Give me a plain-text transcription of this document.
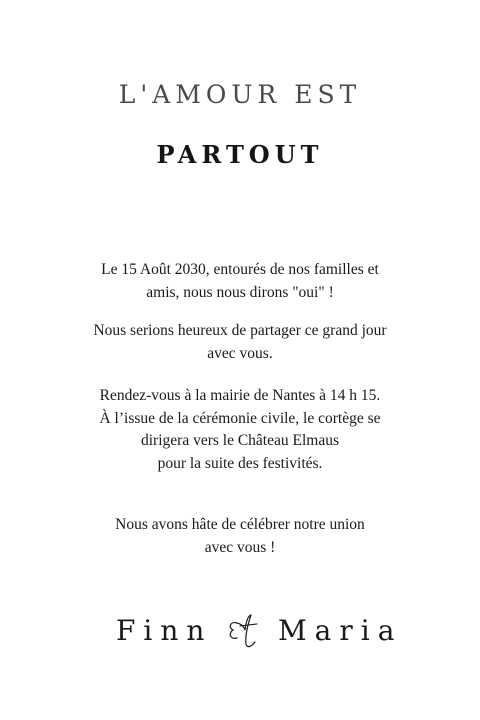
L'AMOUR EST
PARTOUT
Le 15 Août 2030, entourés de nos familles et
amis, nous nous dirons "oui" !
Nous serions heureux de partager ce grand jour
avec vous.
Rendez-vous à la mairie de Nantes à 14 h 15.
À l’issue de la cérémonie civile, le cortège se
dirigera vers le Château Elmaus
pour la suite des festivités.
Nous avons hâte de célébrer notre union
avec vous !
Finn Maria
